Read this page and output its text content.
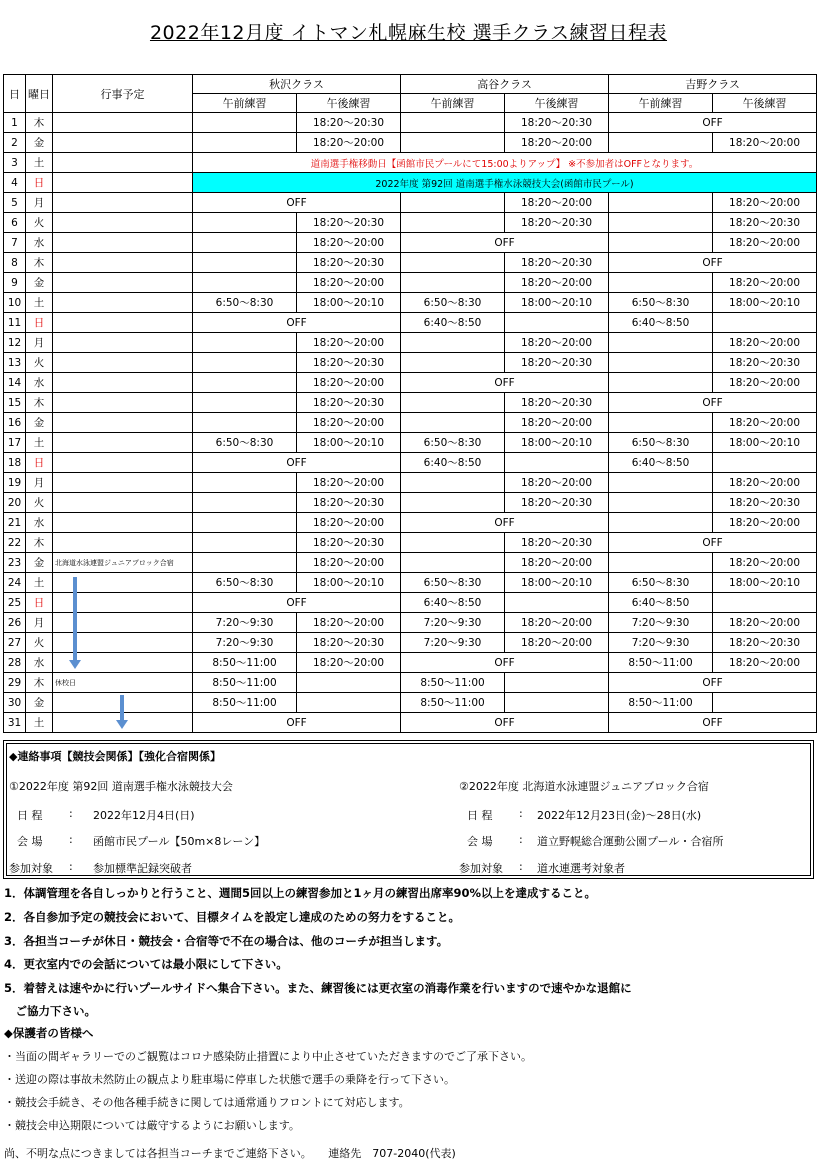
2022年12月度 イトマン札幌麻生校 選手クラス練習日程表
日	曜日	行事予定	秋沢クラス		高谷クラス		吉野クラス	
			午前練習	午後練習	午前練習	午後練習	午前練習	午後練習
1	木			18:20～20:30		18:20～20:30	OFF	
2	金			18:20～20:00		18:20～20:00		18:20～20:00
3	土		道南選手権移動日【函館市民プールにて15:00よりアップ】 ※不参加者はOFFとなります。					
4	日		2022年度 第92回 道南選手権水泳競技大会(函館市民プール)					
5	月		OFF			18:20～20:00		18:20～20:00
6	火			18:20～20:30		18:20～20:30		18:20～20:30
7	水			18:20～20:00	OFF			18:20～20:00
8	木			18:20～20:30		18:20～20:30	OFF	
9	金			18:20～20:00		18:20～20:00		18:20～20:00
10	土		6:50～8:30	18:00～20:10	6:50～8:30	18:00～20:10	6:50～8:30	18:00～20:10
11	日		OFF		6:40～8:50		6:40～8:50	
12	月			18:20～20:00		18:20～20:00		18:20～20:00
13	火			18:20～20:30		18:20～20:30		18:20～20:30
14	水			18:20～20:00	OFF			18:20～20:00
15	木			18:20～20:30		18:20～20:30	OFF	
16	金			18:20～20:00		18:20～20:00		18:20～20:00
17	土		6:50～8:30	18:00～20:10	6:50～8:30	18:00～20:10	6:50～8:30	18:00～20:10
18	日		OFF		6:40～8:50		6:40～8:50	
19	月			18:20～20:00		18:20～20:00		18:20～20:00
20	火			18:20～20:30		18:20～20:30		18:20～20:30
21	水			18:20～20:00	OFF			18:20～20:00
22	木			18:20～20:30		18:20～20:30	OFF	
23	金	北海道水泳連盟ジュニアブロック合宿		18:20～20:00		18:20～20:00		18:20～20:00
24	土		6:50～8:30	18:00～20:10	6:50～8:30	18:00～20:10	6:50～8:30	18:00～20:10
25	日		OFF		6:40～8:50		6:40～8:50	
26	月		7:20～9:30	18:20～20:00	7:20～9:30	18:20～20:00	7:20～9:30	18:20～20:00
27	火		7:20～9:30	18:20～20:30	7:20～9:30	18:20～20:00	7:20～9:30	18:20～20:30
28	水		8:50～11:00	18:20～20:00	OFF		8:50～11:00	18:20～20:00
29	木	休校日	8:50～11:00		8:50～11:00		OFF	
30	金		8:50～11:00		8:50～11:00		8:50～11:00	
31	土		OFF		OFF		OFF	
◆連絡事項【競技会関係】【強化合宿関係】
①2022年度 第92回 道南選手権水泳競技大会
日 程 : 2022年12月4日(日)
会 場 : 函館市民プール【50m×8レーン】
参加対象 : 参加標準記録突破者
②2022年度 北海道水泳連盟ジュニアブロック合宿
日 程 : 2022年12月23日(金)～28日(水)
会 場 : 道立野幌総合運動公園プール・合宿所
参加対象 : 道水連選考対象者
1．体調管理を各自しっかりと行うこと、週間5回以上の練習参加と1ヶ月の練習出席率90%以上を達成すること。
2．各自参加予定の競技会において、目標タイムを設定し達成のための努力をすること。
3．各担当コーチが休日・競技会・合宿等で不在の場合は、他のコーチが担当します。
4．更衣室内での会話については最小限にして下さい。
5．着替えは速やかに行いプールサイドへ集合下さい。また、練習後には更衣室の消毒作業を行いますので速やかな退館に
　ご協力下さい。
◆保護者の皆様へ
・当面の間ギャラリーでのご観覧はコロナ感染防止措置により中止させていただきますのでご了承下さい。
・送迎の際は事故未然防止の観点より駐車場に停車した状態で選手の乗降を行って下さい。
・競技会手続き、その他各種手続きに関しては通常通りフロントにて対応します。
・競技会申込期限については厳守するようにお願いします。
尚、不明な点につきましては各担当コーチまでご連絡下さい。　　連絡先　707-2040(代表)
